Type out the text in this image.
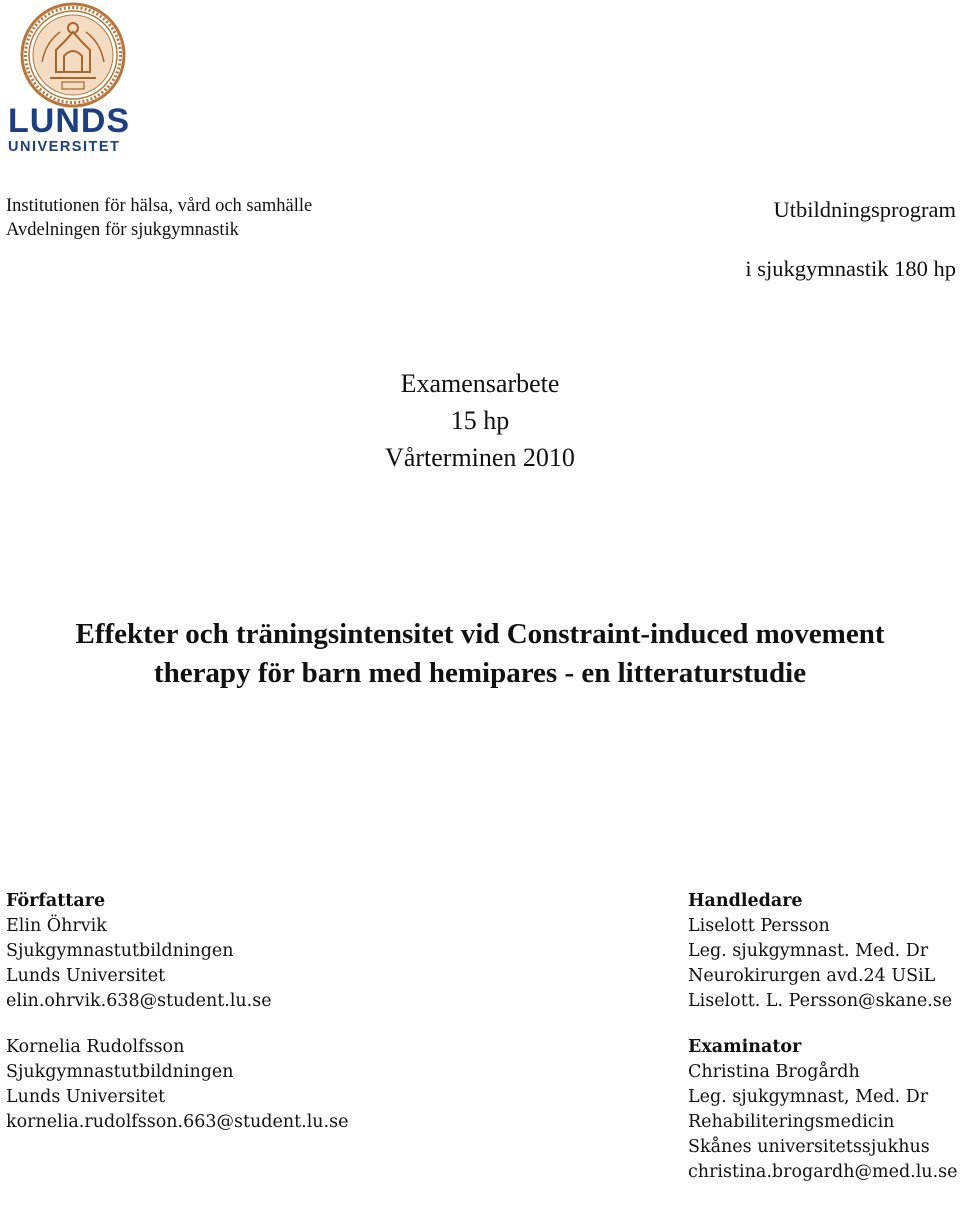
LUNDS
UNIVERSITET
Institutionen för hälsa, vård och samhälle
Avdelningen för sjukgymnastik
Utbildningsprogram
i sjukgymnastik 180 hp
Examensarbete
15 hp
Vårterminen 2010
Effekter och träningsintensitet vid Constraint-induced movement
therapy för barn med hemipares - en litteraturstudie
Författare
Elin Öhrvik
Sjukgymnastutbildningen
Lunds Universitet
elin.ohrvik.638@student.lu.se
Kornelia Rudolfsson
Sjukgymnastutbildningen
Lunds Universitet
kornelia.rudolfsson.663@student.lu.se
Handledare
Liselott Persson
Leg. sjukgymnast. Med. Dr
Neurokirurgen avd.24 USiL
Liselott. L. Persson@skane.se
Examinator
Christina Brogårdh
Leg. sjukgymnast, Med. Dr
Rehabiliteringsmedicin
Skånes universitetssjukhus
christina.brogardh@med.lu.se
